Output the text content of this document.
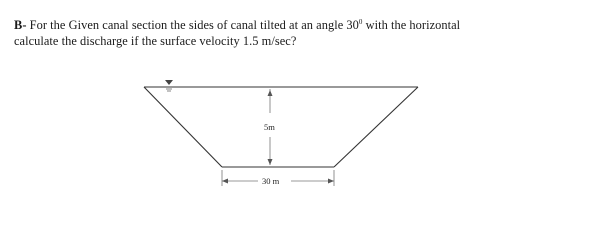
B- For the Given canal section the sides of canal tilted at an angle $30^0$ with the horizontal
calculate the discharge if the surface velocity 1.5 m/sec?
5m
30 m
